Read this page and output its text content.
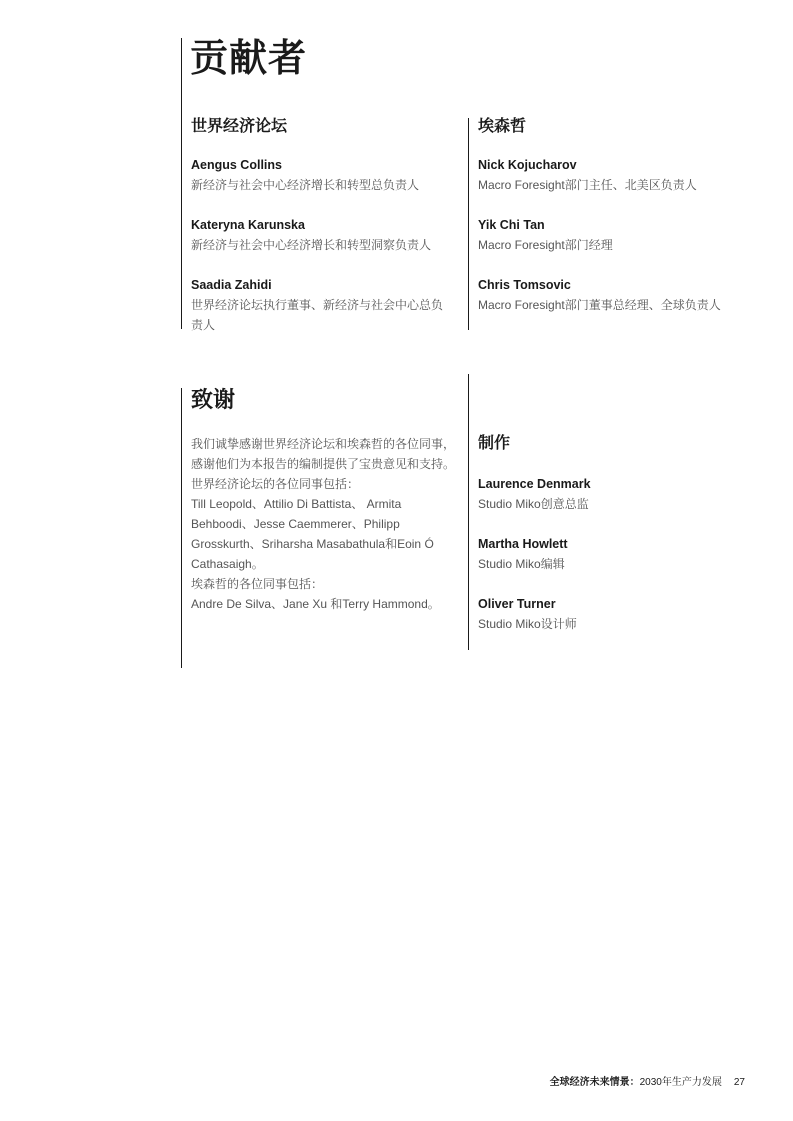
贡献者
世界经济论坛
Aengus Collins
新经济与社会中心经济增长和转型总负责人
Kateryna Karunska
新经济与社会中心经济增长和转型洞察负责人
Saadia Zahidi
世界经济论坛执行董事、新经济与社会中心总负
责人
埃森哲
Nick Kojucharov
Macro Foresight部门主任、北美区负责人
Yik Chi Tan
Macro Foresight部门经理
Chris Tomsovic
Macro Foresight部门董事总经理、全球负责人
致谢
我们诚挚感谢世界经济论坛和埃森哲的各位同事，
感谢他们为本报告的编制提供了宝贵意见和支持。
世界经济论坛的各位同事包括：
Till Leopold、Attilio Di Battista、 Armita
Behboodi、Jesse Caemmerer、Philipp
Grosskurth、Sriharsha Masabathula和Eoin Ó
Cathasaigh。
埃森哲的各位同事包括：
Andre De Silva、Jane Xu 和Terry Hammond。
制作
Laurence Denmark
Studio Miko创意总监
Martha Howlett
Studio Miko编辑
Oliver Turner
Studio Miko设计师
全球经济未来情景：2030年生产力发展 27
